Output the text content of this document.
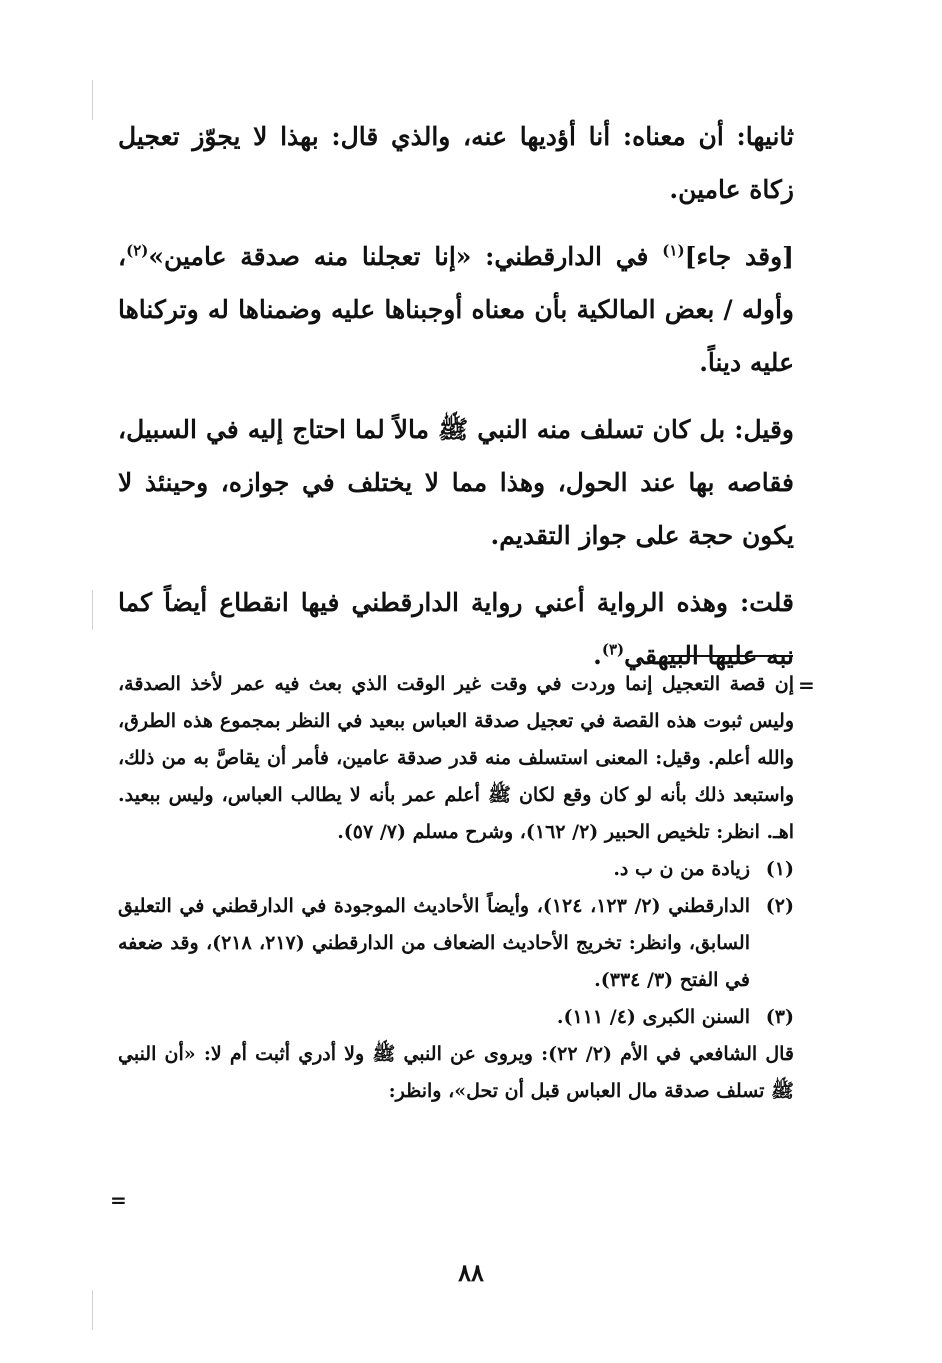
ثانيها: أن معناه: أنا أؤديها عنه، والذي قال: بهذا لا يجوّز تعجيل زكاة عامين.

[وقد جاء]$^{(١)}$ في الدارقطني: «إنا تعجلنا منه صدقة عامين»$^{(٢)}$، وأوله / بعض المالكية بأن معناه أوجبناها عليه وضمناها له وتركناها عليه ديناً.

وقيل: بل كان تسلف منه النبي ﷺ مالاً لما احتاج إليه في السبيل، فقاصه بها عند الحول، وهذا مما لا يختلف في جوازه، وحينئذ لا يكون حجة على جواز التقديم.

قلت: وهذه الرواية أعني رواية الدارقطني فيها انقطاع أيضاً كما نبه عليها البيهقي$^{(٣)}$.

=

إن قصة التعجيل إنما وردت في وقت غير الوقت الذي بعث فيه عمر لأخذ الصدقة، وليس ثبوت هذه القصة في تعجيل صدقة العباس ببعيد في النظر بمجموع هذه الطرق، والله أعلم. وقيل: المعنى استسلف منه قدر صدقة عامين، فأمر أن يقاصَّ به من ذلك، واستبعد ذلك بأنه لو كان وقع لكان ﷺ أعلم عمر بأنه لا يطالب العباس، وليس ببعيد. اهـ. انظر: تلخيص الحبير (٢/ ١٦٢)، وشرح مسلم (٧/ ٥٧).

(١)
زيادة من ن ب د.

(٢)
الدارقطني (٢/ ١٢٣، ١٢٤)، وأيضاً الأحاديث الموجودة في الدارقطني في التعليق السابق، وانظر: تخريج الأحاديث الضعاف من الدارقطني (٢١٧، ٢١٨)، وقد ضعفه في الفتح (٣/ ٣٣٤).

(٣)
السنن الكبرى (٤/ ١١١).

قال الشافعي في الأم (٢/ ٢٢): ويروى عن النبي ﷺ ولا أدري أثبت أم لا: «أن النبي ﷺ تسلف صدقة مال العباس قبل أن تحل»، وانظر:

=
٨٨
